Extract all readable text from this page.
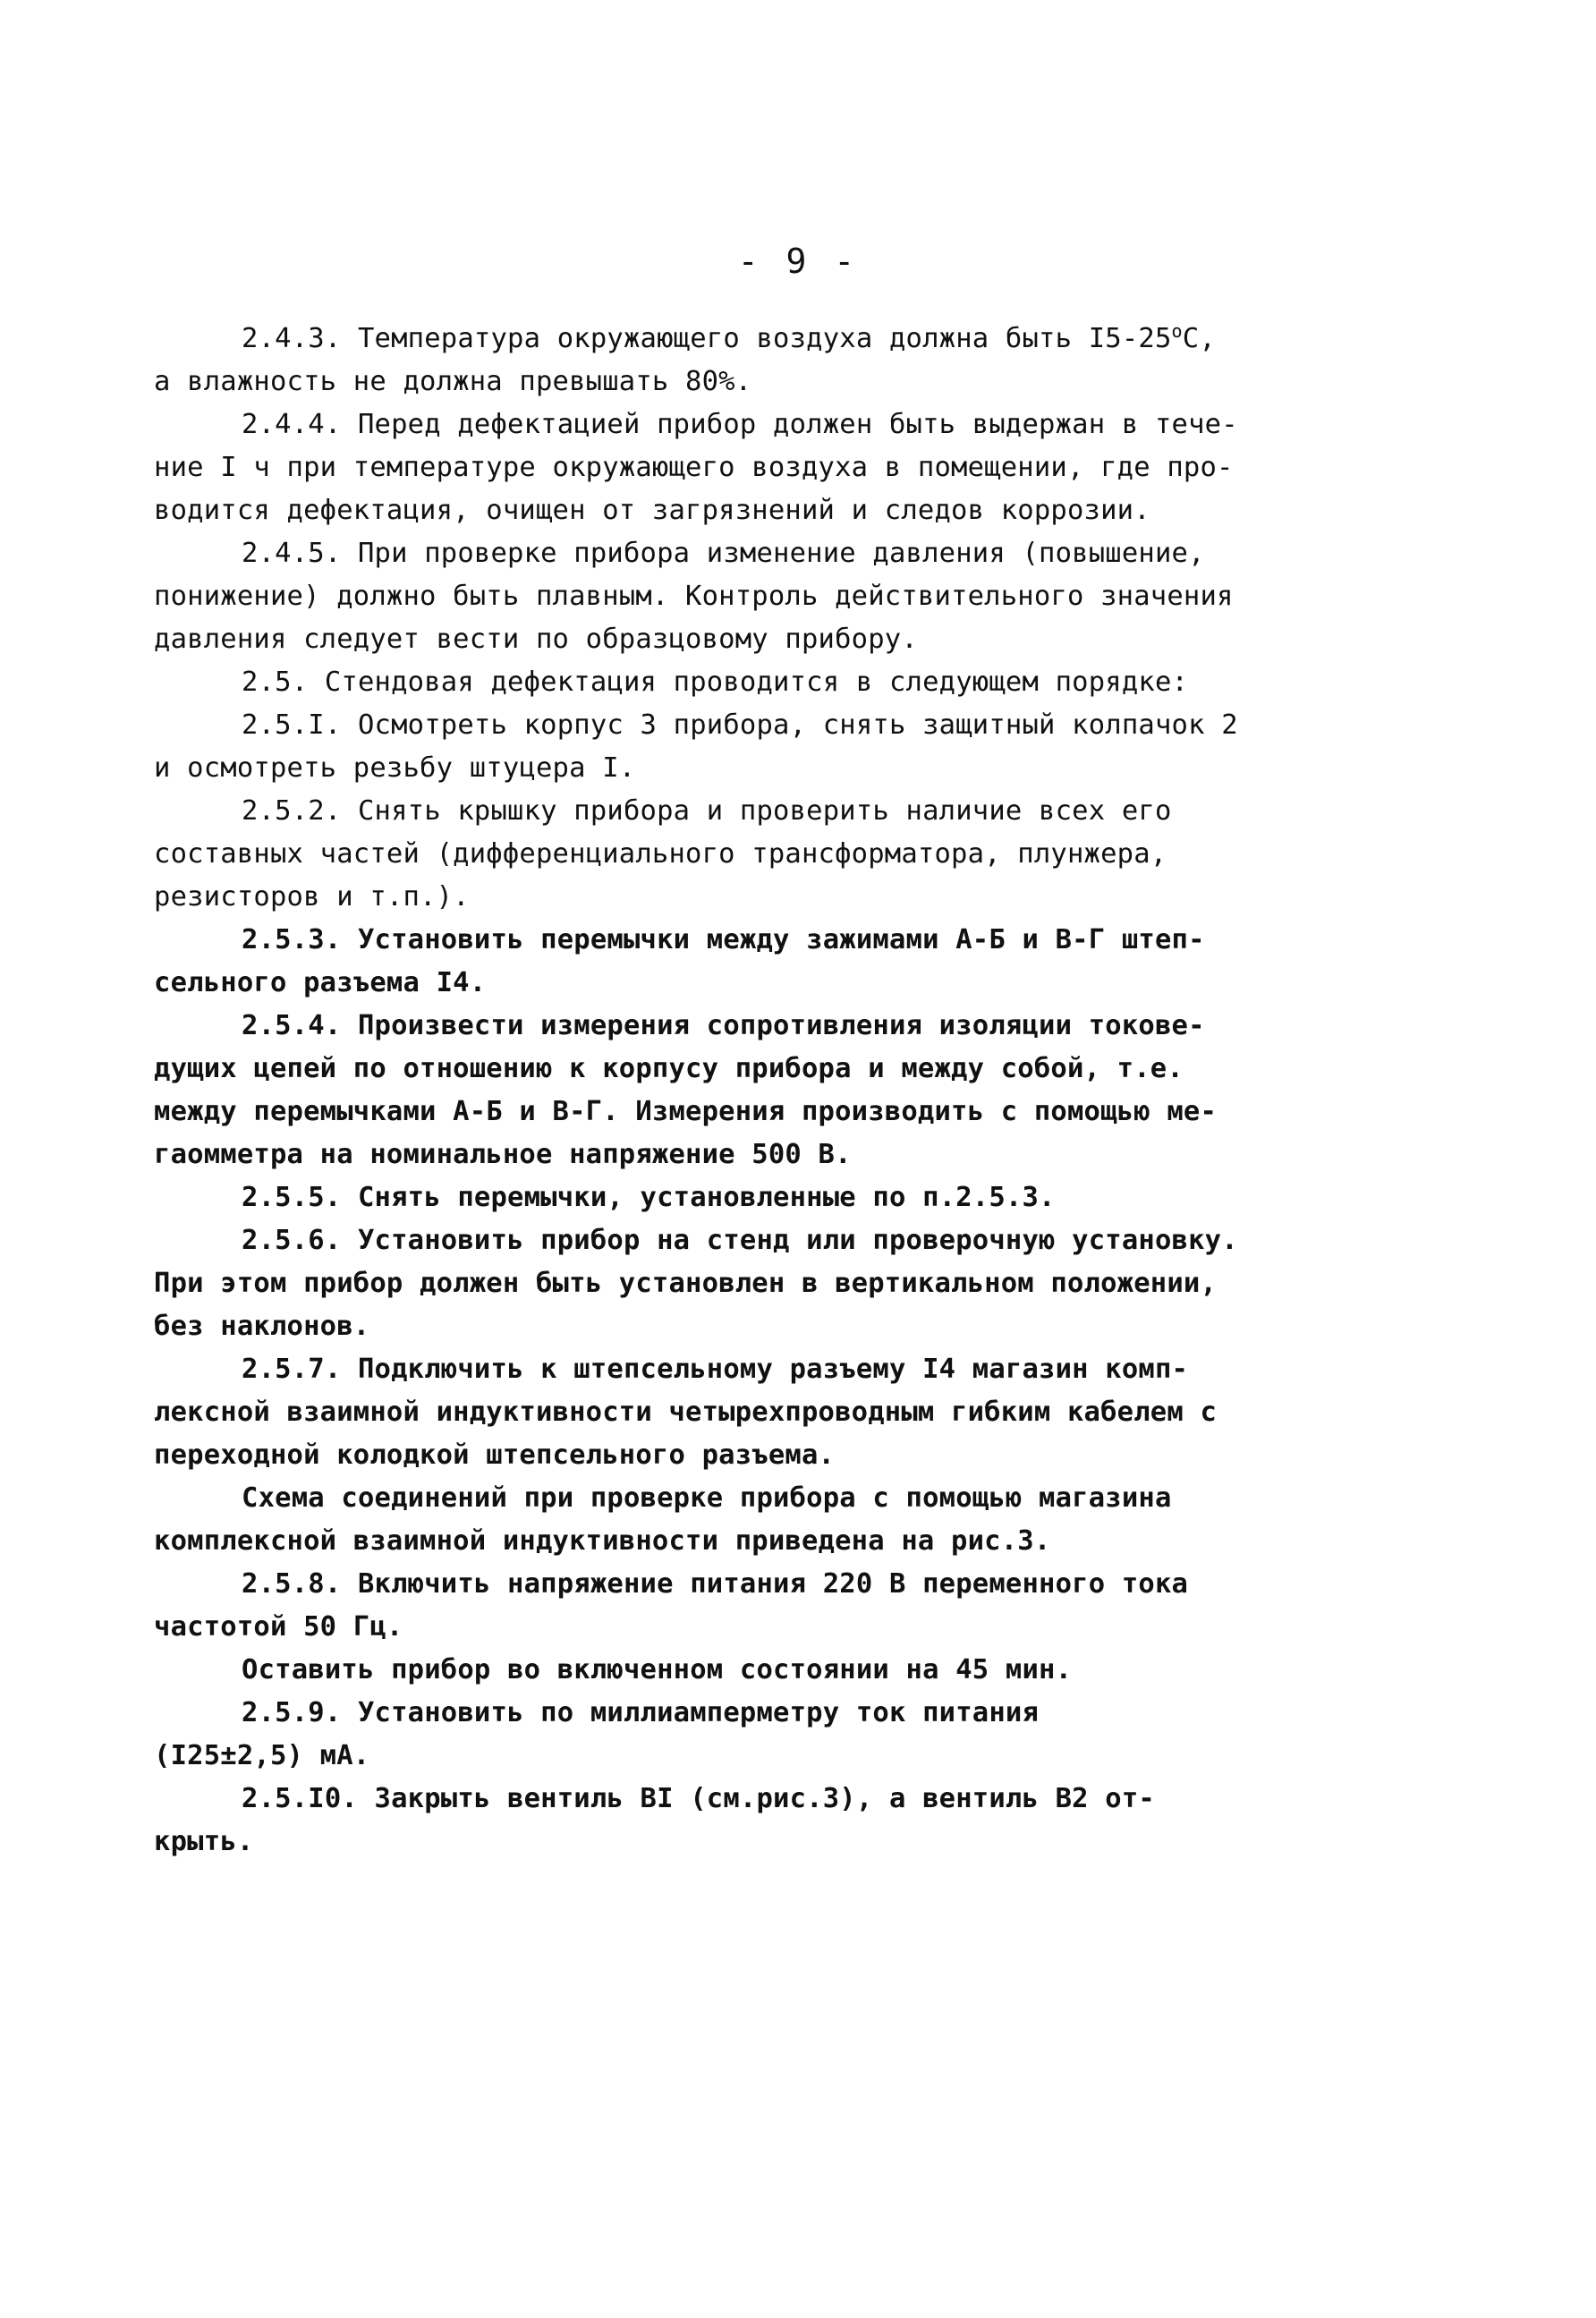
- 9 -

2.4.3. Температура окружающего воздуха должна быть $I5-25^оС$,
а влажность не должна превышать 80%.

2.4.4. Перед дефектацией прибор должен быть выдержан в тече-
ние I ч при температуре окружающего воздуха в помещении, где про-
водится дефектация, очищен от загрязнений и следов коррозии.

2.4.5. При проверке прибора изменение давления (повышение,
понижение) должно быть плавным. Контроль действительного значения
давления следует вести по образцовому прибору.

2.5. Стендовая дефектация проводится в следующем порядке:

2.5.I. Осмотреть корпус 3 прибора, снять защитный колпачок 2
и осмотреть резьбу штуцера I.

2.5.2. Снять крышку прибора и проверить наличие всех его
составных частей (дифференциального трансформатора, плунжера,
резисторов и т.п.).

2.5.3. Установить перемычки между зажимами А-Б и В-Г штеп-
сельного разъема I4.

2.5.4. Произвести измерения сопротивления изоляции токове-
дущих цепей по отношению к корпусу прибора и между собой, т.е.
между перемычками А-Б и В-Г. Измерения производить с помощью ме-
гаомметра на номинальное напряжение 500 В.

2.5.5. Снять перемычки, установленные по п.2.5.3.

2.5.6. Установить прибор на стенд или проверочную установку.
При этом прибор должен быть установлен в вертикальном положении,
без наклонов.

2.5.7. Подключить к штепсельному разъему I4 магазин комп-
лексной взаимной индуктивности четырехпроводным гибким кабелем с
переходной колодкой штепсельного разъема.

Схема соединений при проверке прибора с помощью магазина
комплексной взаимной индуктивности приведена на рис.3.

2.5.8. Включить напряжение питания 220 В переменного тока
частотой 50 Гц.

Оставить прибор во включенном состоянии на 45 мин.

2.5.9. Установить по миллиамперметру ток питания
(I25±2,5) мА.

2.5.I0. Закрыть вентиль ВI (см.рис.3), а вентиль В2 от-
крыть.
